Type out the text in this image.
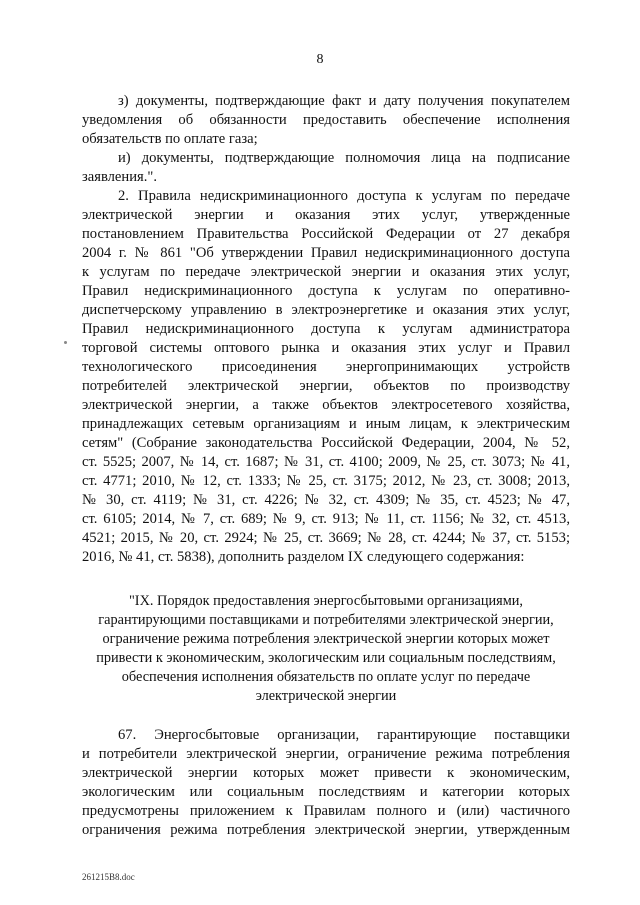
8
з) документы, подтверждающие факт и дату получения покупателем
уведомления об обязанности предоставить обеспечение исполнения
обязательств по оплате газа;
и) документы, подтверждающие полномочия лица на подписание
заявления.".
2. Правила недискриминационного доступа к услугам по передаче
электрической энергии и оказания этих услуг, утвержденные
постановлением Правительства Российской Федерации от 27 декабря
2004 г. № 861 "Об утверждении Правил недискриминационного доступа
к услугам по передаче электрической энергии и оказания этих услуг,
Правил недискриминационного доступа к услугам по оперативно-
диспетчерскому управлению в электроэнергетике и оказания этих услуг,
Правил недискриминационного доступа к услугам администратора
торговой системы оптового рынка и оказания этих услуг и Правил
технологического присоединения энергопринимающих устройств
потребителей электрической энергии, объектов по производству
электрической энергии, а также объектов электросетевого хозяйства,
принадлежащих сетевым организациям и иным лицам, к электрическим
сетям" (Собрание законодательства Российской Федерации, 2004, № 52,
ст. 5525; 2007, № 14, ст. 1687; № 31, ст. 4100; 2009, № 25, ст. 3073; № 41,
ст. 4771; 2010, № 12, ст. 1333; № 25, ст. 3175; 2012, № 23, ст. 3008; 2013,
№ 30, ст. 4119; № 31, ст. 4226; № 32, ст. 4309; № 35, ст. 4523; № 47,
ст. 6105; 2014, № 7, ст. 689; № 9, ст. 913; № 11, ст. 1156; № 32, ст. 4513,
4521; 2015, № 20, ст. 2924; № 25, ст. 3669; № 28, ст. 4244; № 37, ст. 5153;
2016, № 41, ст. 5838), дополнить разделом IX следующего содержания:
"IX. Порядок предоставления энергосбытовыми организациями,
гарантирующими поставщиками и потребителями электрической энергии,
ограничение режима потребления электрической энергии которых может
привести к экономическим, экологическим или социальным последствиям,
обеспечения исполнения обязательств по оплате услуг по передаче
электрической энергии
67. Энергосбытовые организации, гарантирующие поставщики
и потребители электрической энергии, ограничение режима потребления
электрической энергии которых может привести к экономическим,
экологическим или социальным последствиям и категории которых
предусмотрены приложением к Правилам полного и (или) частичного
ограничения режима потребления электрической энергии, утвержденным
261215B8.doc
